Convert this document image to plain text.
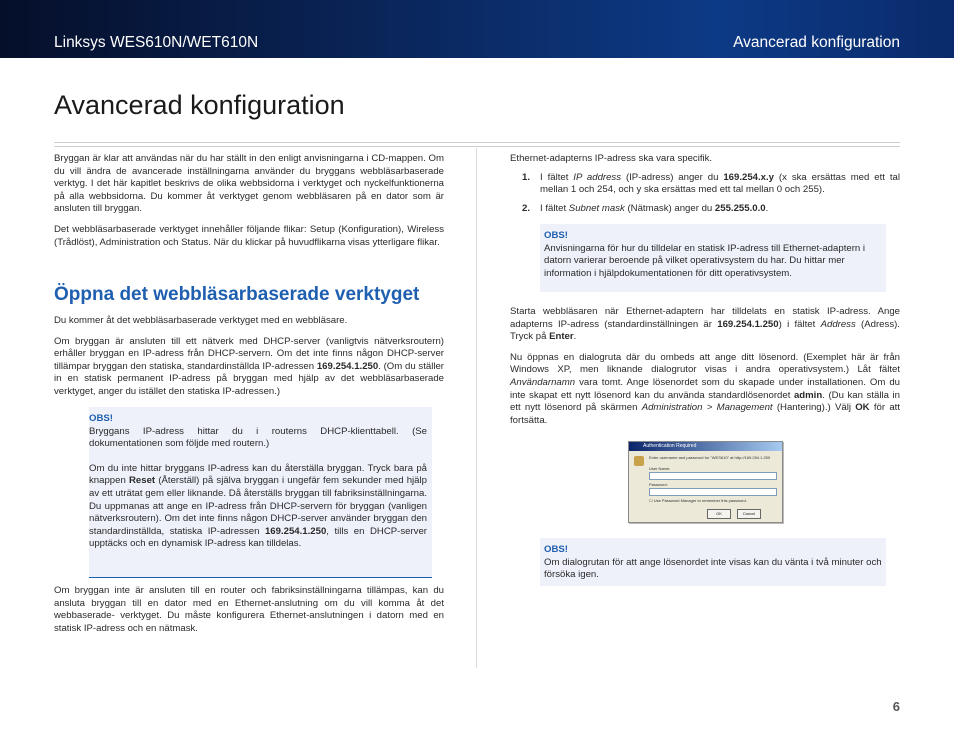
Linksys WES610N/WET610N	Avancerad konfiguration
Avancerad konfiguration

Bryggan är klar att användas när du har ställt in den enligt anvisningarna i CD-mappen. Om du vill ändra de avancerade inställningarna använder du bryggans webbläsarbaserade verktyg. I det här kapitlet beskrivs de olika webbsidorna i verktyget och nyckelfunktionerna på alla webbsidorna. Du kommer åt verktyget genom webbläsaren på en dator som är ansluten till bryggan.

Det webbläsarbaserade verktyget innehåller följande flikar: Setup (Konfiguration), Wireless (Trådlöst), Administration och Status. När du klickar på huvudflikarna visas ytterligare flikar.

Öppna det webbläsarbaserade verktyget

Du kommer åt det webbläsarbaserade verktyget med en webbläsare.

Om bryggan är ansluten till ett nätverk med DHCP-server (vanligtvis nätverksroutern) erhåller bryggan en IP-adress från DHCP-servern. Om det inte finns någon DHCP-server tillämpar bryggan den statiska, standardinställda IP-adressen 169.254.1.250. (Om du ställer in en statisk permanent IP-adress på bryggan med hjälp av det webbläsarbaserade verktyget, anger du istället den statiska IP-adressen.)

OBS!

Bryggans IP-adress hittar du i routerns DHCP-klienttabell. (Se dokumentationen som följde med routern.)

Om du inte hittar bryggans IP-adress kan du återställa bryggan. Tryck bara på knappen Reset (Återställ) på själva bryggan i ungefär fem sekunder med hjälp av ett uträtat gem eller liknande. Då återställs bryggan till fabriksinställningarna. Du uppmanas att ange en IP-adress från DHCP-servern för bryggan (vanligen nätverksroutern). Om det inte finns någon DHCP-server använder bryggan den standardinställda, statiska IP-adressen 169.254.1.250, tills en DHCP-server upptäcks och en dynamisk IP-adress kan tilldelas.

Om bryggan inte är ansluten till en router och fabriksinställningarna tillämpas, kan du ansluta bryggan till en dator med en Ethernet-anslutning om du vill komma åt det webbaserade- verktyget. Du måste konfigurera Ethernet-anslutningen i datorn med en statisk IP-adress och en nätmask.

Ethernet-adapterns IP-adress ska vara specifik.

1. I fältet IP address (IP-adress) anger du 169.254.x.y (x ska ersättas med ett tal mellan 1 och 254, och y ska ersättas med ett tal mellan 0 och 255).
2. I fältet Subnet mask (Nätmask) anger du 255.255.0.0.

OBS!

Anvisningarna för hur du tilldelar en statisk IP-adress till Ethernet-adaptern i datorn varierar beroende på vilket operativsystem du har. Du hittar mer information i hjälpdokumentationen för ditt operativsystem.

Starta webbläsaren när Ethernet-adaptern har tilldelats en statisk IP-adress. Ange adapterns IP-adress (standardinställningen är 169.254.1.250) i fältet Address (Adress). Tryck på Enter.

Nu öppnas en dialogruta där du ombeds att ange ditt lösenord. (Exemplet här är från Windows XP, men liknande dialogrutor visas i andra operativsystem.) Låt fältet Användarnamn vara tomt. Ange lösenordet som du skapade under installationen. Om du inte skapat ett nytt lösenord kan du använda standardlösenordet admin. (Du kan ställa in ett nytt lösenord på skärmen Administration > Management (Hantering).) Välj OK för att fortsätta.

Authentication Required
Enter username and password for "WES610" at http://169.254.1.250
User Name:
Password:
☐ Use Password Manager to remember this password.
OK	Cancel

OBS!

Om dialogrutan för att ange lösenordet inte visas kan du vänta i två minuter och försöka igen.

6
